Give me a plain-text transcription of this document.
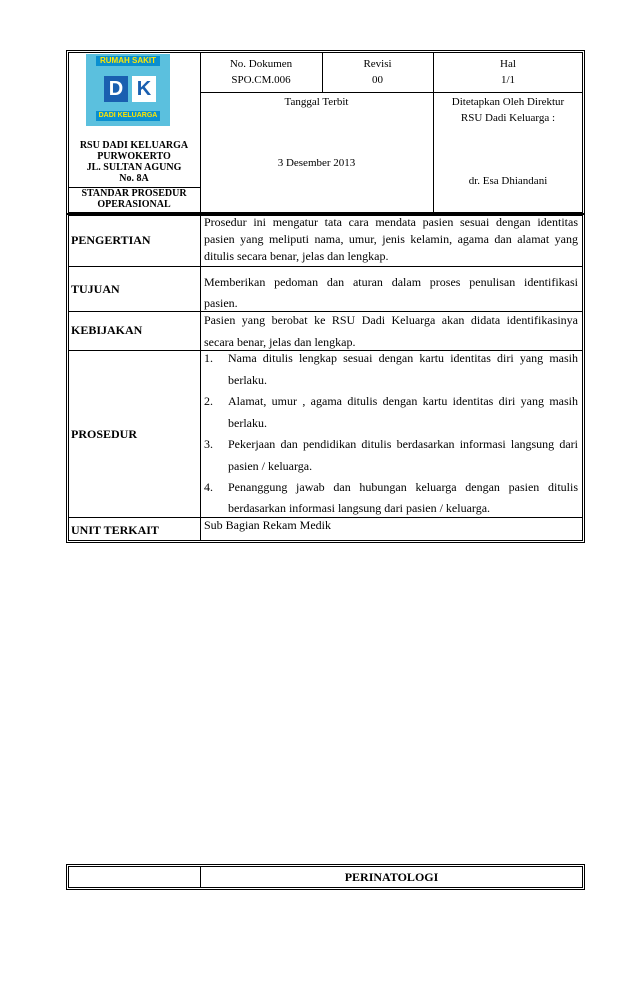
RUMAH SAKIT
D K
DADI KELUARGA
RSU DADI KELUARGA
PURWOKERTO
JL. SULTAN AGUNG
No. 8A
STANDAR PROSEDUR
OPERASIONAL
No. Dokumen
SPO.CM.006
Revisi
00
Hal
1/1
Tanggal Terbit
3 Desember 2013
Ditetapkan Oleh Direktur
RSU Dadi Keluarga :
dr. Esa Dhiandani
PENGERTIAN
Prosedur ini mengatur tata cara mendata pasien sesuai dengan identitas
pasien yang meliputi nama, umur, jenis kelamin, agama dan alamat yang
ditulis secara benar, jelas dan lengkap.
TUJUAN	Memberikan pedoman dan aturan dalam proses penulisan identifikasi
pasien.
KEBIJAKAN
Pasien yang berobat ke RSU Dadi Keluarga akan didata identifikasinya
secara benar, jelas dan lengkap.
PROSEDUR
1. Nama ditulis lengkap sesuai dengan kartu identitas diri yang masih
berlaku.
2. Alamat, umur , agama ditulis dengan kartu identitas diri yang masih
berlaku.
3. Pekerjaan dan pendidikan ditulis berdasarkan informasi langsung dari
pasien / keluarga.
4. Penanggung jawab dan hubungan keluarga dengan pasien ditulis
berdasarkan informasi langsung dari pasien / keluarga.
UNIT TERKAIT	Sub Bagian Rekam Medik
PERINATOLOGI
